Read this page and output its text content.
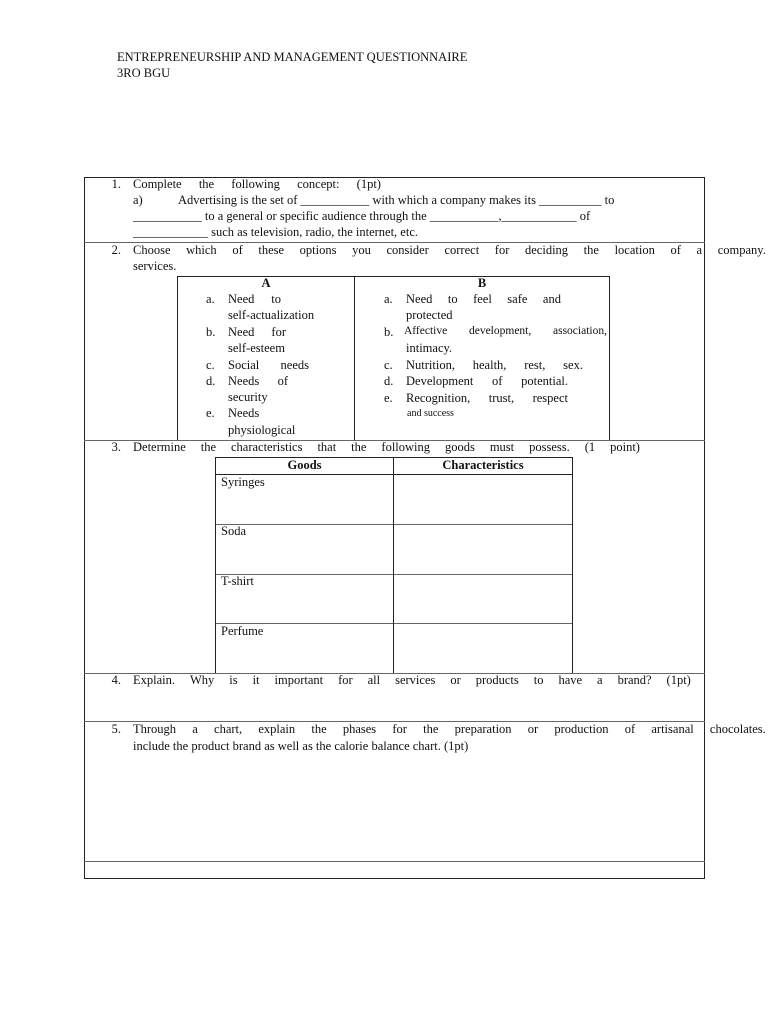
ENTREPRENEURSHIP AND MANAGEMENT QUESTIONNAIRE
3RO BGU
1. Complete the following concept: (1pt)
a)	Advertising is the set of ___________ with which a company makes its __________ to
___________ to a general or specific audience through the ___________,____________ of
____________ such as television, radio, the internet, etc.
2. Choose which of these options you consider correct for deciding the location of a company.
services.
A
a. Need to
self-actualization
b. Need for
self-esteem
c. Social needs
d. Needs of
security
e. Needs
physiological
B
a. Need to feel safe and
protected
b. Affective development, association,
intimacy.
c. Nutrition, health, rest, sex.
d. Development of potential.
e. Recognition, trust, respect
and success
3. Determine the characteristics that the following goods must possess. (1 point)
Goods	Characteristics
Syringes
Soda
T-shirt
Perfume
4. Explain. Why is it important for all services or products to have a brand? (1pt)
5. Through a chart, explain the phases for the preparation or production of artisanal chocolates.
include the product brand as well as the calorie balance chart. (1pt)
